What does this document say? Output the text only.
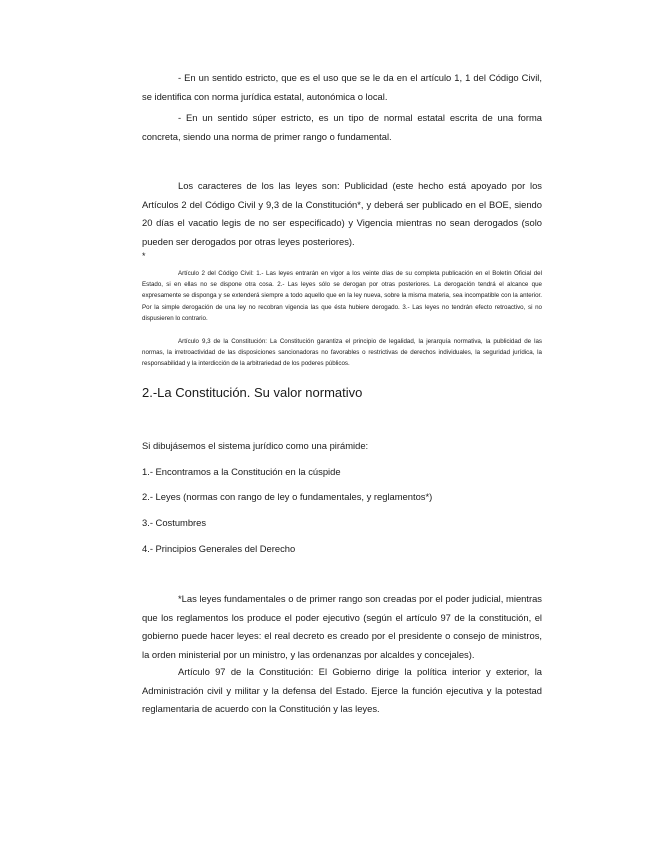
- En un sentido estricto, que es el uso que se le da en el artículo 1, 1 del Código Civil, se identifica con norma jurídica estatal, autonómica o local.

- En un sentido súper estricto, es un tipo de normal estatal escrita de una forma concreta, siendo una norma de primer rango o fundamental.

Los caracteres de los las leyes son: Publicidad (este hecho está apoyado por los Artículos 2 del Código Civil y 9,3 de la Constitución*, y deberá ser publicado en el BOE, siendo 20 días el vacatio legis de no ser especificado) y Vigencia mientras no sean derogados (solo pueden ser derogados por otras leyes posteriores).

*

Artículo 2 del Código Civil: 1.- Las leyes entrarán en vigor a los veinte días de su completa publicación en el Boletín Oficial del Estado, si en ellas no se dispone otra cosa. 2.- Las leyes sólo se derogan por otras posteriores. La derogación tendrá el alcance que expresamente se disponga y se extenderá siempre a todo aquello que en la ley nueva, sobre la misma materia, sea incompatible con la anterior. Por la simple derogación de una ley no recobran vigencia las que ésta hubiere derogado. 3.- Las leyes no tendrán efecto retroactivo, si no dispusieren lo contrario.

Artículo 9,3 de la Constitución: La Constitución garantiza el principio de legalidad, la jerarquía normativa, la publicidad de las normas, la irretroactividad de las disposiciones sancionadoras no favorables o restrictivas de derechos individuales, la seguridad jurídica, la responsabilidad y la interdicción de la arbitrariedad de los poderes públicos.

2.-La Constitución. Su valor normativo

Si dibujásemos el sistema jurídico como una pirámide:

1.- Encontramos a la Constitución en la cúspide

2.- Leyes (normas con rango de ley o fundamentales, y reglamentos*)

3.- Costumbres

4.- Principios Generales del Derecho

*Las leyes fundamentales o de primer rango son creadas por el poder judicial, mientras que los reglamentos los produce el poder ejecutivo (según el artículo 97 de la constitución, el gobierno puede hacer leyes: el real decreto es creado por el presidente o consejo de ministros, la orden ministerial por un ministro, y las ordenanzas por alcaldes y concejales).

Artículo 97 de la Constitución: El Gobierno dirige la política interior y exterior, la Administración civil y militar y la defensa del Estado. Ejerce la función ejecutiva y la potestad reglamentaria de acuerdo con la Constitución y las leyes.
